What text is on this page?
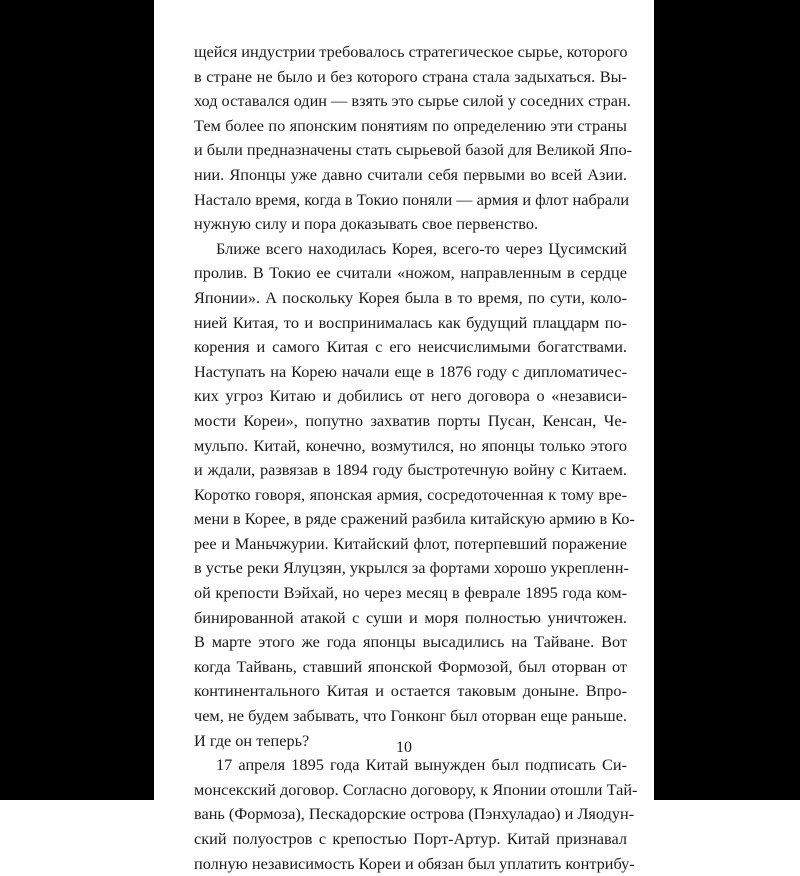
щейся индустрии требовалось стратегическое сырье, которого

в стране не было и без которого страна стала задыхаться. Вы-

ход оставался один — взять это сырье силой у соседних стран.

Тем более по японским понятиям по определению эти страны

и были предназначены стать сырьевой базой для Великой Япо-

нии. Японцы уже давно считали себя первыми во всей Азии.

Настало время, когда в Токио поняли — армия и флот набрали

нужную силу и пора доказывать свое первенство.

Ближе всего находилась Корея, всего-то через Цусимский

пролив. В Токио ее считали «ножом, направленным в сердце

Японии». А поскольку Корея была в то время, по сути, коло-

нией Китая, то и воспринималась как будущий плацдарм по-

корения и самого Китая с его неисчислимыми богатствами.

Наступать на Корею начали еще в 1876 году с дипломатичес-

ких угроз Китаю и добились от него договора о «независи-

мости Кореи», попутно захватив порты Пусан, Кенсан, Че-

мульпо. Китай, конечно, возмутился, но японцы только этого

и ждали, развязав в 1894 году быстротечную войну с Китаем.

Коротко говоря, японская армия, сосредоточенная к тому вре-

мени в Корее, в ряде сражений разбила китайскую армию в Ко-

рее и Маньчжурии. Китайский флот, потерпевший поражение

в устье реки Ялуцзян, укрылся за фортами хорошо укрепленн-

ой крепости Вэйхай, но через месяц в феврале 1895 года ком-

бинированной атакой с суши и моря полностью уничтожен.

В марте этого же года японцы высадились на Тайване. Вот

когда Тайвань, ставший японской Формозой, был оторван от

континентального Китая и остается таковым доныне. Впро-

чем, не будем забывать, что Гонконг был оторван еще раньше.

И где он теперь?

17 апреля 1895 года Китай вынужден был подписать Си-

монсекский договор. Согласно договору, к Японии отошли Тай-

вань (Формоза), Пескадорские острова (Пэнхуладао) и Ляодун-

ский полуостров с крепостью Порт-Артур. Китай признавал

полную независимость Кореи и обязан был уплатить контрибу-

10
